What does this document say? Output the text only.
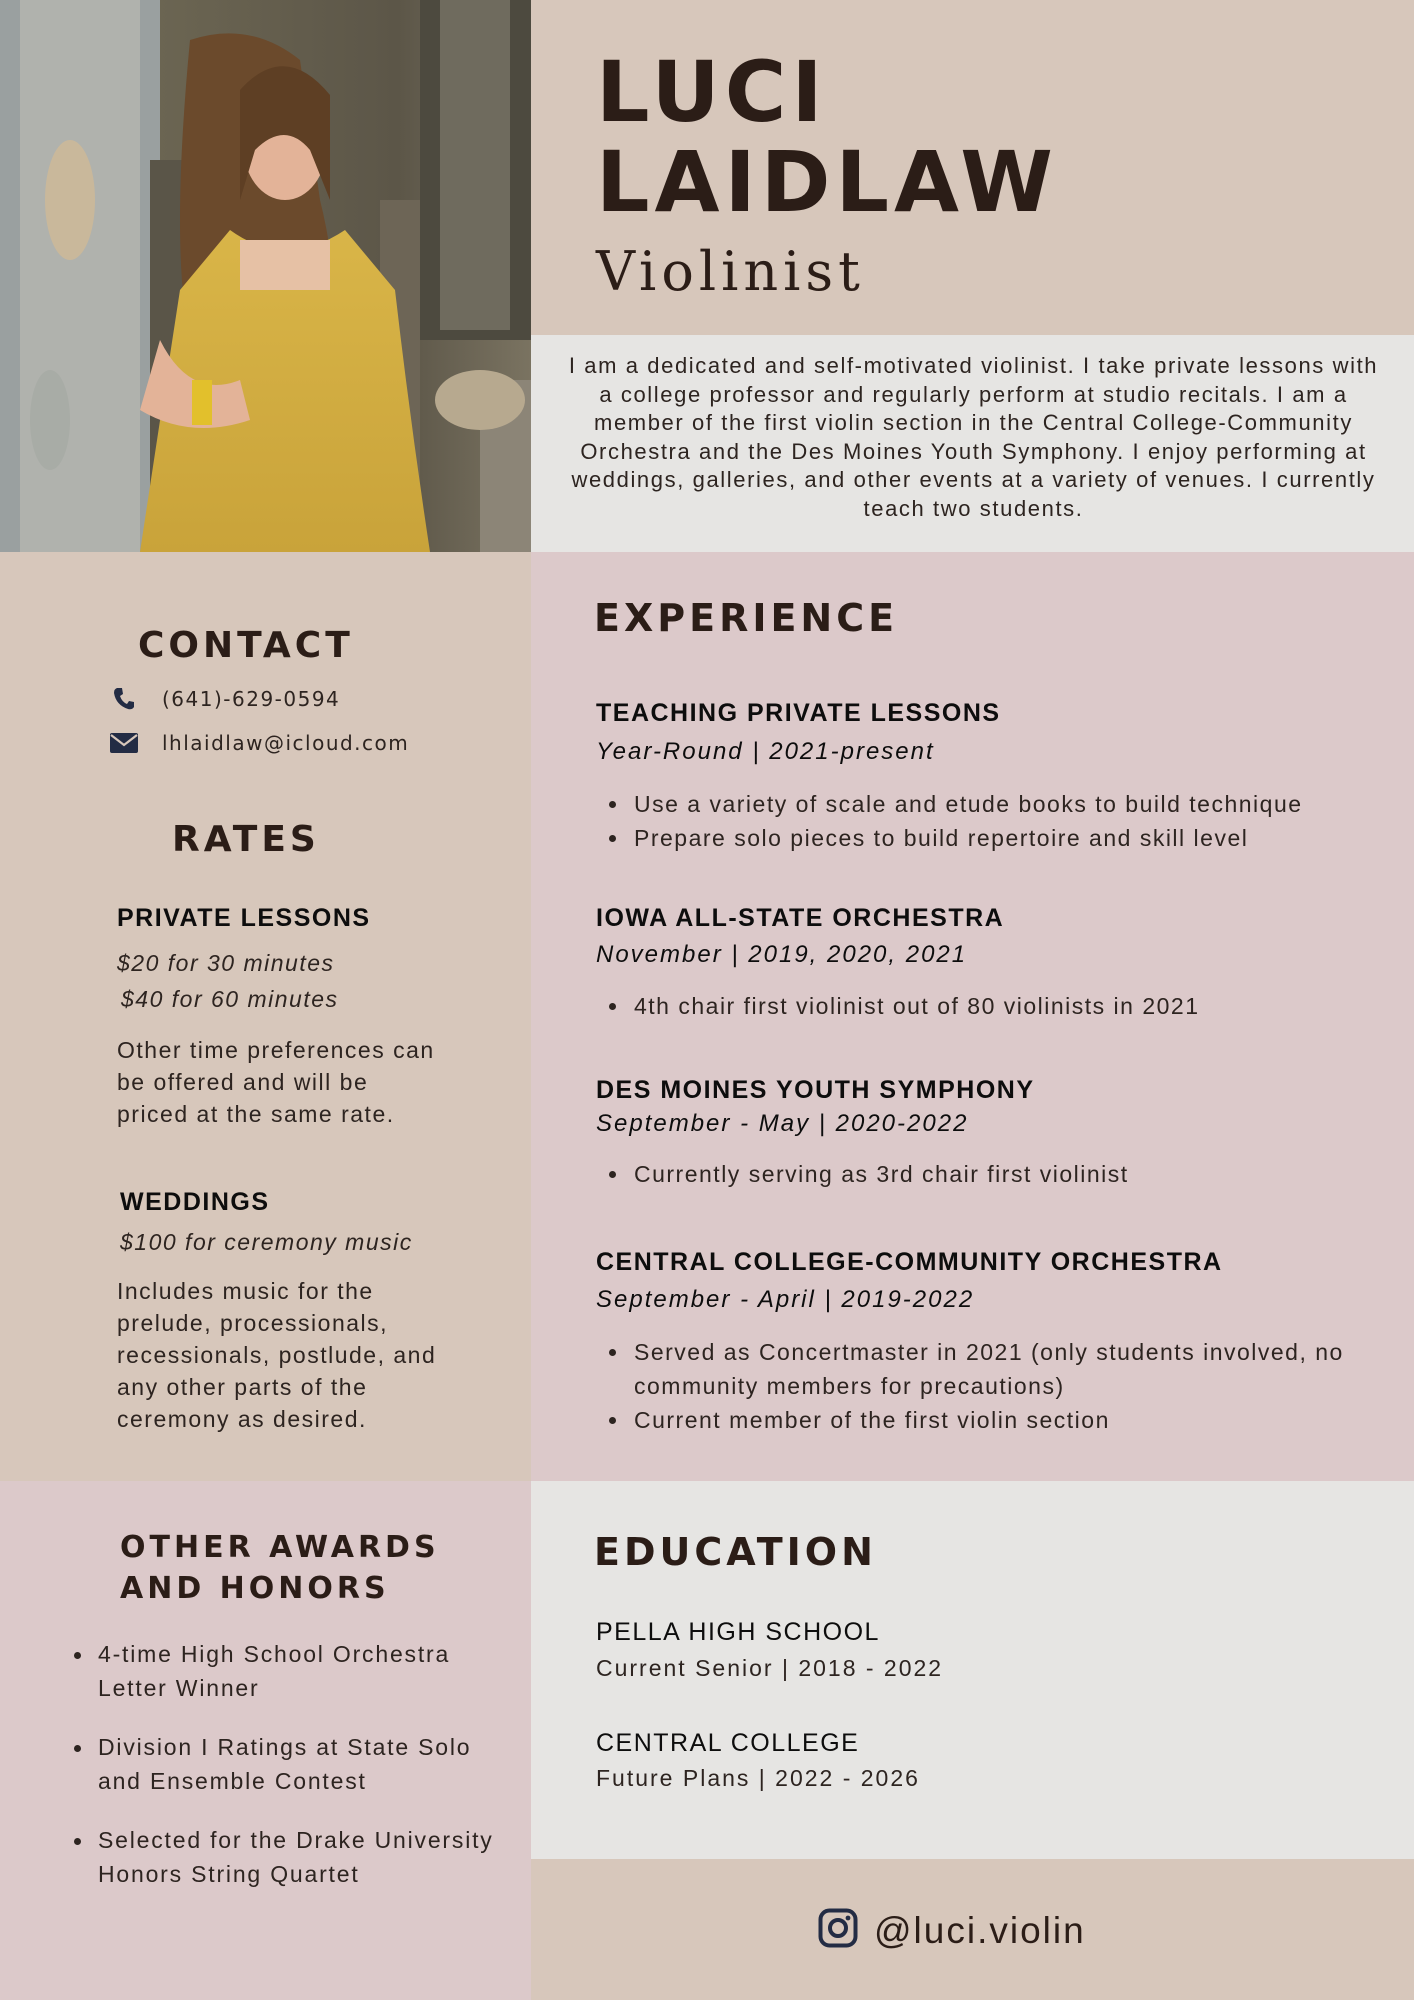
LUCI
LAIDLAW
Violinist

I am a dedicated and self-motivated violinist. I take private lessons with a college professor and regularly perform at studio recitals. I am a member of the first violin section in the Central College-Community Orchestra and the Des Moines Youth Symphony. I enjoy performing at weddings, galleries, and other events at a variety of venues. I currently teach two students.

CONTACT
(641)-629-0594
lhlaidlaw@icloud.com
RATES
PRIVATE LESSONS
$20 for 30 minutes
$40 for 60 minutes
Other time preferences can be offered and will be priced at the same rate.
WEDDINGS
$100 for ceremony music
Includes music for the prelude, processionals, recessionals, postlude, and any other parts of the ceremony as desired.
EXPERIENCE
TEACHING PRIVATE LESSONS
Year-Round | 2021-present
Use a variety of scale and etude books to build technique
Prepare solo pieces to build repertoire and skill level
IOWA ALL-STATE ORCHESTRA
November | 2019, 2020, 2021
4th chair first violinist out of 80 violinists in 2021
DES MOINES YOUTH SYMPHONY
September - May | 2020-2022
Currently serving as 3rd chair first violinist
CENTRAL COLLEGE-COMMUNITY ORCHESTRA
September - April | 2019-2022
Served as Concertmaster in 2021 (only students involved, no community members for precautions)
Current member of the first violin section
OTHER AWARDS
AND HONORS
4-time High School Orchestra Letter Winner
Division I Ratings at State Solo and Ensemble Contest
Selected for the Drake University Honors String Quartet
EDUCATION
PELLA HIGH SCHOOL
Current Senior | 2018 - 2022
CENTRAL COLLEGE
Future Plans | 2022 - 2026
@luci.violin
